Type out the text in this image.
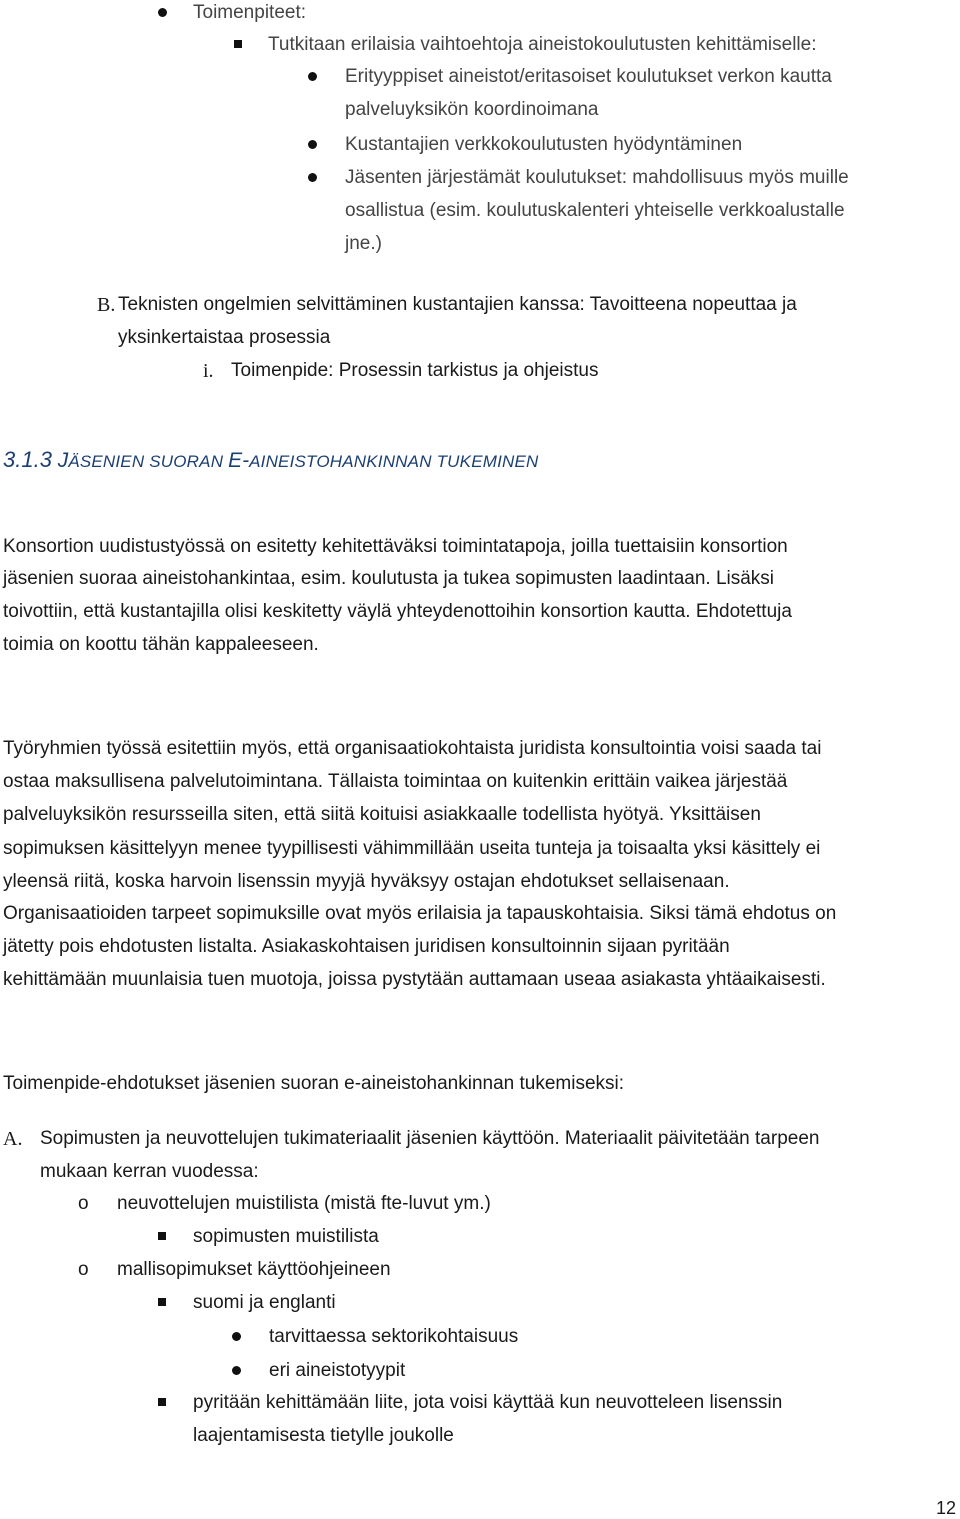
Toimenpiteet:
Tutkitaan erilaisia vaihtoehtoja aineistokoulutusten kehittämiselle:
Erityyppiset aineistot/eritasoiset koulutukset verkon kautta
palveluyksikön koordinoimana
Kustantajien verkkokoulutusten hyödyntäminen
Jäsenten järjestämät koulutukset: mahdollisuus myös muille
osallistua (esim. koulutuskalenteri yhteiselle verkkoalustalle
jne.)
B. Teknisten ongelmien selvittäminen kustantajien kanssa: Tavoitteena nopeuttaa ja
yksinkertaistaa prosessia
i. Toimenpide: Prosessin tarkistus ja ohjeistus
3.1.3 JÄSENIEN SUORAN E-AINEISTOHANKINNAN TUKEMINEN
Konsortion uudistustyössä on esitetty kehitettäväksi toimintatapoja, joilla tuettaisiin konsortion
jäsenien suoraa aineistohankintaa, esim. koulutusta ja tukea sopimusten laadintaan. Lisäksi
toivottiin, että kustantajilla olisi keskitetty väylä yhteydenottoihin konsortion kautta. Ehdotettuja
toimia on koottu tähän kappaleeseen.
Työryhmien työssä esitettiin myös, että organisaatiokohtaista juridista konsultointia voisi saada tai
ostaa maksullisena palvelutoimintana. Tällaista toimintaa on kuitenkin erittäin vaikea järjestää
palveluyksikön resursseilla siten, että siitä koituisi asiakkaalle todellista hyötyä. Yksittäisen
sopimuksen käsittelyyn menee tyypillisesti vähimmillään useita tunteja ja toisaalta yksi käsittely ei
yleensä riitä, koska harvoin lisenssin myyjä hyväksyy ostajan ehdotukset sellaisenaan.
Organisaatioiden tarpeet sopimuksille ovat myös erilaisia ja tapauskohtaisia. Siksi tämä ehdotus on
jätetty pois ehdotusten listalta. Asiakaskohtaisen juridisen konsultoinnin sijaan pyritään
kehittämään muunlaisia tuen muotoja, joissa pystytään auttamaan useaa asiakasta yhtäaikaisesti.
Toimenpide-ehdotukset jäsenien suoran e-aineistohankinnan tukemiseksi:
A. Sopimusten ja neuvottelujen tukimateriaalit jäsenien käyttöön. Materiaalit päivitetään tarpeen
mukaan kerran vuodessa:
o neuvottelujen muistilista (mistä fte-luvut ym.)
sopimusten muistilista
o mallisopimukset käyttöohjeineen
suomi ja englanti
tarvittaessa sektorikohtaisuus
eri aineistotyypit
pyritään kehittämään liite, jota voisi käyttää kun neuvotteleen lisenssin
laajentamisesta tietylle joukolle
12
